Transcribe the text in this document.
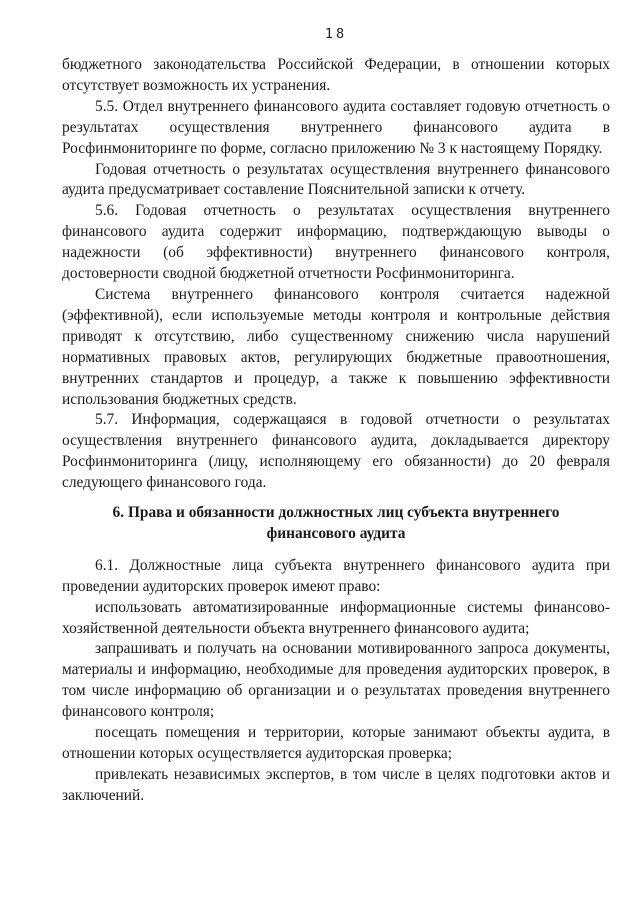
18

бюджетного законодательства Российской Федерации, в отношении которых отсутствует возможность их устранения.

5.5. Отдел внутреннего финансового аудита составляет годовую отчетность о результатах осуществления внутреннего финансового аудита в Росфинмониторинге по форме, согласно приложению № 3 к настоящему Порядку.

Годовая отчетность о результатах осуществления внутреннего финансового аудита предусматривает составление Пояснительной записки к отчету.

5.6. Годовая отчетность о результатах осуществления внутреннего финансового аудита содержит информацию, подтверждающую выводы о надежности (об эффективности) внутреннего финансового контроля, достоверности сводной бюджетной отчетности Росфинмониторинга.

Система внутреннего финансового контроля считается надежной (эффективной), если используемые методы контроля и контрольные действия приводят к отсутствию, либо существенному снижению числа нарушений нормативных правовых актов, регулирующих бюджетные правоотношения, внутренних стандартов и процедур, а также к повышению эффективности использования бюджетных средств.

5.7. Информация, содержащаяся в годовой отчетности о результатах осуществления внутреннего финансового аудита, докладывается директору Росфинмониторинга (лицу, исполняющему его обязанности) до 20 февраля следующего финансового года.

6. Права и обязанности должностных лиц субъекта внутреннего финансового аудита

6.1. Должностные лица субъекта внутреннего финансового аудита при проведении аудиторских проверок имеют право:

использовать автоматизированные информационные системы финансово-хозяйственной деятельности объекта внутреннего финансового аудита;

запрашивать и получать на основании мотивированного запроса документы, материалы и информацию, необходимые для проведения аудиторских проверок, в том числе информацию об организации и о результатах проведения внутреннего финансового контроля;

посещать помещения и территории, которые занимают объекты аудита, в отношении которых осуществляется аудиторская проверка;

привлекать независимых экспертов, в том числе в целях подготовки актов и заключений.
